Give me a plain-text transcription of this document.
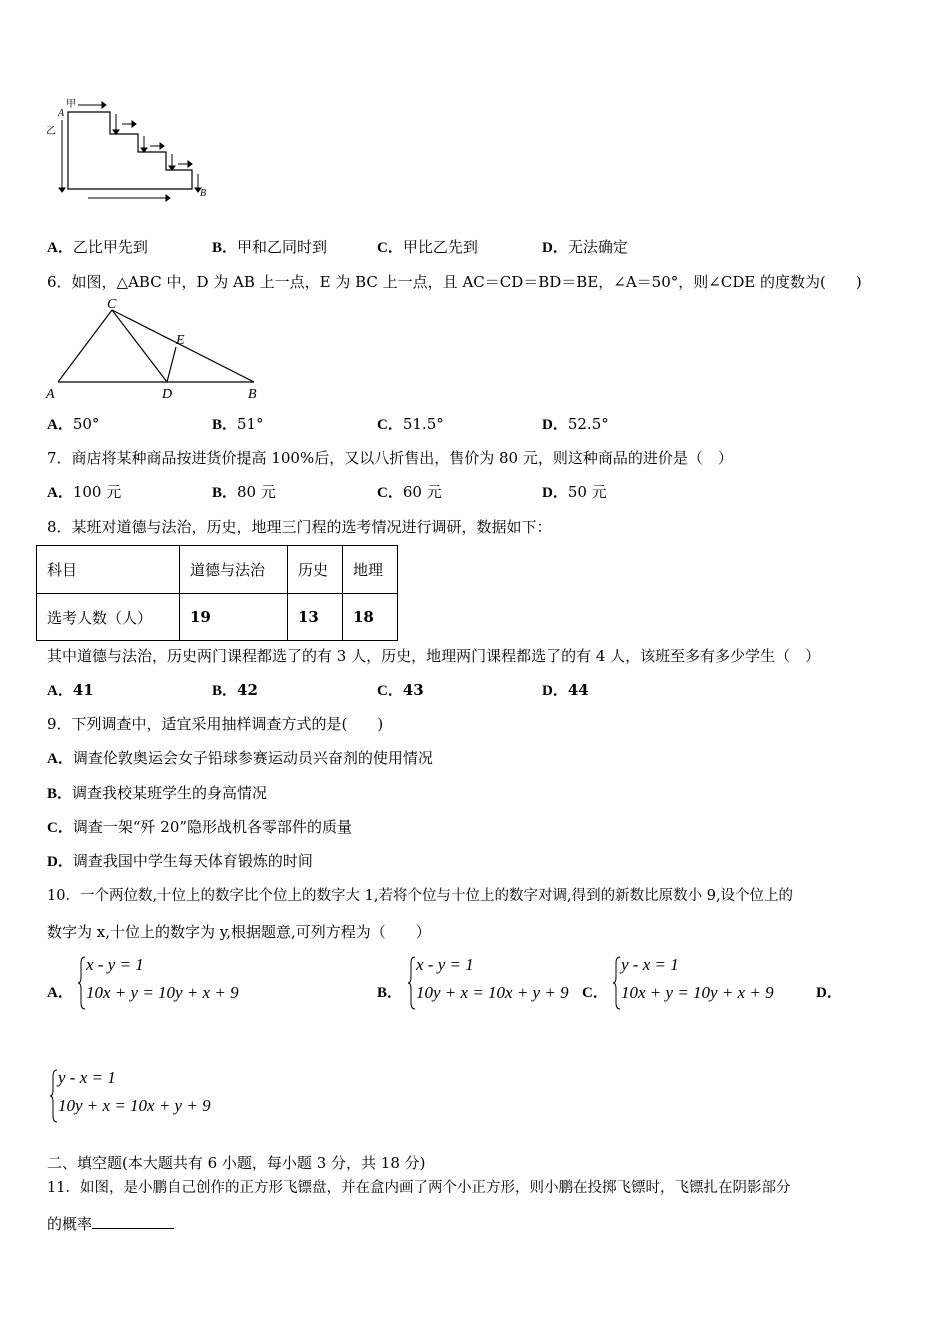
甲
A
乙
B
A．乙比甲先到	B．甲和乙同时到	C．甲比乙先到	D．无法确定
6．如图，△ABC 中，D 为 AB 上一点，E 为 BC 上一点，且 AC＝CD＝BD＝BE，∠A＝50°，则∠CDE 的度数为(　　)
C
E
A	D	B
A．50°	B．51°	C．51.5°	D．52.5°
7．商店将某种商品按进货价提高 100%后，又以八折售出，售价为 80 元，则这种商品的进价是（　）
A．100 元	B．80 元	C．60 元	D．50 元
8．某班对道德与法治，历史，地理三门程的选考情况进行调研，数据如下：
科目	道德与法治	历史	地理
选考人数（人）	19	13	18
其中道德与法治，历史两门课程都选了的有 3 人，历史，地理两门课程都选了的有 4 人，该班至多有多少学生（　）
A．41	B．42	C．43	D．44
9．下列调查中，适宜采用抽样调查方式的是(　　)
A．调查伦敦奥运会女子铅球参赛运动员兴奋剂的使用情况
B．调查我校某班学生的身高情况
C．调查一架“歼 20”隐形战机各零部件的质量
D．调查我国中学生每天体育锻炼的时间
10．一个两位数,十位上的数字比个位上的数字大 1,若将个位与十位上的数字对调,得到的新数比原数小 9,设个位上的
数字为 x,十位上的数字为 y,根据题意,可列方程为（　　）
A．
x - y = 1
10x + y = 10y + x + 9	B．
x - y = 1
10y + x = 10x + y + 9 C．
y - x = 1
10x + y = 10y + x + 9	D．
y - x = 1
10y + x = 10x + y + 9
二、填空题(本大题共有 6 小题，每小题 3 分，共 18 分)
11．如图，是小鹏自己创作的正方形飞镖盘，并在盒内画了两个小正方形，则小鹏在投掷飞镖时，飞镖扎在阴影部分
的概率
